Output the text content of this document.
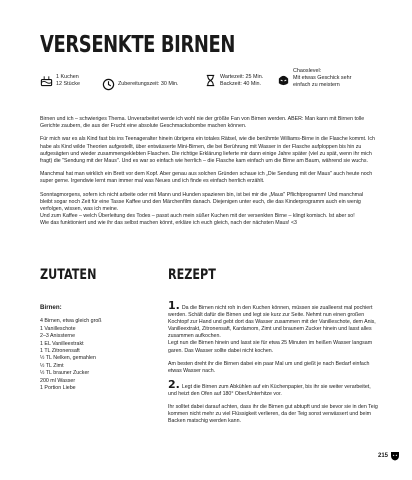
VERSENKTE BIRNEN
1 Kuchen
12 Stücke	Zubereitungszeit: 30 Min.
Wartezeit: 25 Min.
Backzeit: 40 Min.
Chaoslevel:
Mit etwas Geschick sehr
einfach zu meistern

Birnen und ich – schwieriges Thema. Unverarbeitet werde ich wohl nie der größte Fan von Birnen werden. ABER: Man kann mit Birnen tolle Gerichte zaubern, die aus der Frucht eine absolute Geschmacksbombe machen können.

Für mich war es als Kind fast bis ins Teenageralter hinein übrigens ein totales Rätsel, wie die berühmte Williams-Birne in die Flasche kommt. Ich habe als Kind wilde Theorien aufgestellt, über entwässerte Mini-Birnen, die bei Berührung mit Wasser in der Flasche aufploppen bis hin zu aufgesägten und wieder zusammengeklebten Flaschen. Die richtige Erklärung lieferte mir dann einige Jahre später (viel zu spät, wenn ihr mich fragt) die "Sendung mit der Maus". Und es war so einfach wie herrlich – die Flasche kam einfach um die Birne am Baum, während sie wuchs.

Manchmal hat man wirklich ein Brett vor dem Kopf. Aber genau aus solchen Gründen schaue ich „Die Sendung mit der Maus" auch heute noch super gerne. Irgendwie lernt man immer mal was Neues und ich finde es einfach herrlich erzählt.

Sonntagmorgens, sofern ich nicht arbeite oder mit Mann und Hunden spazieren bin, ist bei mir die „Maus" Pflichtprogramm! Und manchmal bleibt sogar noch Zeit für eine Tasse Kaffee und den Märchenfilm danach. Diejenigen unter euch, die das Kinderprogramm auch ein wenig verfolgen, wissen, was ich meine.
Und zum Kaffee – welch Überleitung des Todes – passt auch mein süßer Kuchen mit der versenkten Birne – klingt komisch. Ist aber so!
Wie das funktioniert und wie ihr das selbst machen könnt, erkläre ich euch gleich, nach der nächsten Maus! <3

ZUTATEN	REZEPT
Birnen:
4 Birnen, etwa gleich groß
1 Vanilleschote
2–3 Anissterne
1 EL Vanilleextrakt
1 TL Zitronensaft
½ TL Nelken, gemahlen
½ TL Zimt
½ TL brauner Zucker
200 ml Wasser
1 Portion Liebe
1. Da die Birnen nicht roh in den Kuchen können, müssen sie zualleerst mal pochiert werden. Schält dafür die Birnen und legt sie kurz zur Seite. Nehmt nun einen großen Kochtopf zur Hand und gebt dort das Wasser zusammen mit der Vanilleschote, dem Anis, Vanilleextrakt, Zitronensaft, Kardamom, Zimt und braunem Zucker hinein und lasst alles zusammen aufkochen.
Legt nun die Birnen hinein und lasst sie für etwa 25 Minuten im heißen Wasser langsam garen. Das Wasser sollte dabei nicht kochen.
Am besten dreht ihr die Birnen dabei ein paar Mal um und gießt je nach Bedarf einfach etwas Wasser nach.
2. Legt die Birnen zum Abkühlen auf ein Küchenpapier, bis ihr sie weiter verarbeitet, und heizt den Ofen auf 180° Ober/Unterhitze vor.
Ihr solltet dabei darauf achten, dass ihr die Birnen gut abtupft und sie bevor sie in den Teig kommen nicht mehr zu viel Flüssigkeit verlieren, da der Teig sonst verwässert und beim Backen matschig werden kann.
215
